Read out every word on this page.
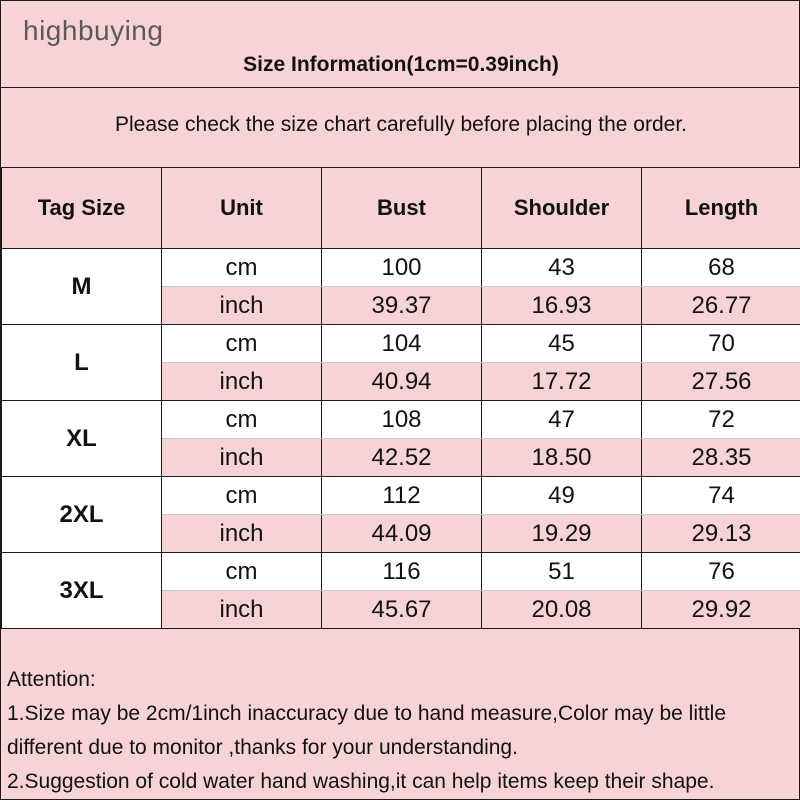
highbuying
Size Information(1cm=0.39inch)
Please check the size chart carefully before placing the order.
Tag Size	Unit	Bust	Shoulder	Length
M	cm	100	43	68
	inch	39.37	16.93	26.77
L	cm	104	45	70
	inch	40.94	17.72	27.56
XL	cm	108	47	72
	inch	42.52	18.50	28.35
2XL	cm	112	49	74
	inch	44.09	19.29	29.13
3XL	cm	116	51	76
	inch	45.67	20.08	29.92
Attention:
1.Size may be 2cm/1inch inaccuracy due to hand measure,Color may be little
different due to monitor ,thanks for your understanding.
2.Suggestion of cold water hand washing,it can help items keep their shape.
